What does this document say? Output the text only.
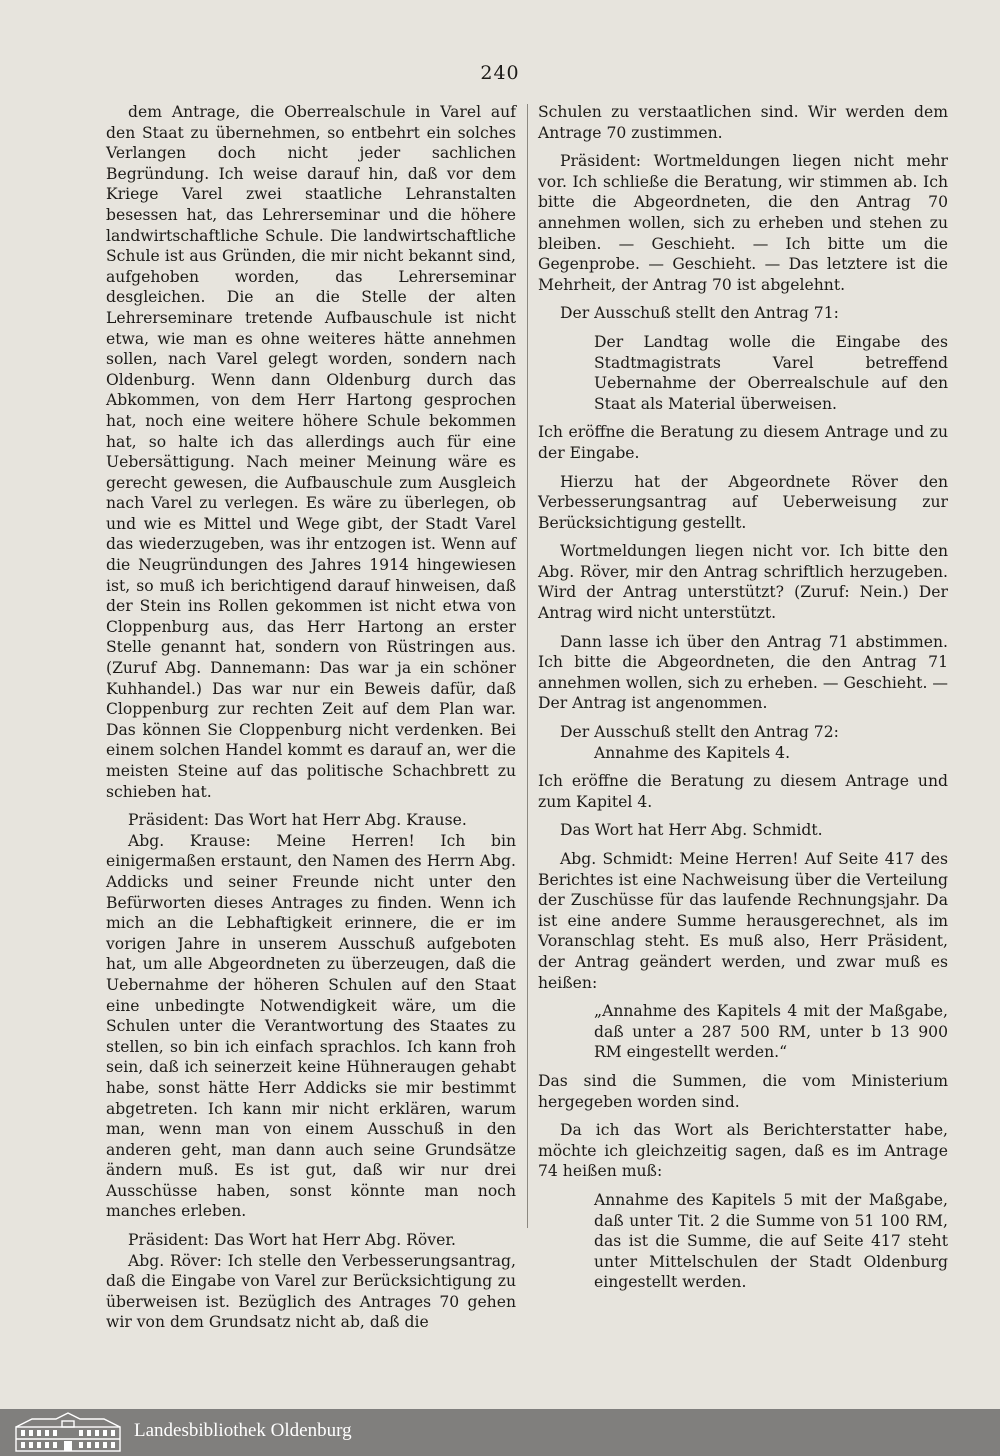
240

dem Antrage, die Oberrealschule in Varel auf den Staat zu übernehmen, so entbehrt ein solches Verlangen doch nicht jeder sachlichen Begründung. Ich weise darauf hin, daß vor dem Kriege Varel zwei staatliche Lehranstalten besessen hat, das Lehrerseminar und die höhere landwirtschaftliche Schule. Die landwirtschaftliche Schule ist aus Gründen, die mir nicht bekannt sind, aufgehoben worden, das Lehrerseminar desgleichen. Die an die Stelle der alten Lehrerseminare tretende Aufbauschule ist nicht etwa, wie man es ohne weiteres hätte annehmen sollen, nach Varel gelegt worden, sondern nach Oldenburg. Wenn dann Oldenburg durch das Abkommen, von dem Herr Hartong gesprochen hat, noch eine weitere höhere Schule bekommen hat, so halte ich das allerdings auch für eine Uebersättigung. Nach meiner Meinung wäre es gerecht gewesen, die Aufbauschule zum Ausgleich nach Varel zu verlegen. Es wäre zu überlegen, ob und wie es Mittel und Wege gibt, der Stadt Varel das wiederzugeben, was ihr entzogen ist. Wenn auf die Neugründungen des Jahres 1914 hingewiesen ist, so muß ich berichtigend darauf hinweisen, daß der Stein ins Rollen gekommen ist nicht etwa von Cloppenburg aus, das Herr Hartong an erster Stelle genannt hat, sondern von Rüstringen aus. (Zuruf Abg. Dannemann: Das war ja ein schöner Kuhhandel.) Das war nur ein Beweis dafür, daß Cloppenburg zur rechten Zeit auf dem Plan war. Das können Sie Cloppenburg nicht verdenken. Bei einem solchen Handel kommt es darauf an, wer die meisten Steine auf das politische Schachbrett zu schieben hat.

Präsident: Das Wort hat Herr Abg. Krause.

Abg. Krause: Meine Herren! Ich bin einigermaßen erstaunt, den Namen des Herrn Abg. Addicks und seiner Freunde nicht unter den Befürworten dieses Antrages zu finden. Wenn ich mich an die Lebhaftigkeit erinnere, die er im vorigen Jahre in unserem Ausschuß aufgeboten hat, um alle Abgeordneten zu überzeugen, daß die Uebernahme der höheren Schulen auf den Staat eine unbedingte Notwendigkeit wäre, um die Schulen unter die Verantwortung des Staates zu stellen, so bin ich einfach sprachlos. Ich kann froh sein, daß ich seinerzeit keine Hühneraugen gehabt habe, sonst hätte Herr Addicks sie mir bestimmt abgetreten. Ich kann mir nicht erklären, warum man, wenn man von einem Ausschuß in den anderen geht, man dann auch seine Grundsätze ändern muß. Es ist gut, daß wir nur drei Ausschüsse haben, sonst könnte man noch manches erleben.

Präsident: Das Wort hat Herr Abg. Röver.

Abg. Röver: Ich stelle den Verbesserungsantrag, daß die Eingabe von Varel zur Berücksichtigung zu überweisen ist. Bezüglich des Antrages 70 gehen wir von dem Grundsatz nicht ab, daß die

Schulen zu verstaatlichen sind. Wir werden dem Antrage 70 zustimmen.

Präsident: Wortmeldungen liegen nicht mehr vor. Ich schließe die Beratung, wir stimmen ab. Ich bitte die Abgeordneten, die den Antrag 70 annehmen wollen, sich zu erheben und stehen zu bleiben. — Geschieht. — Ich bitte um die Gegenprobe. — Geschieht. — Das letztere ist die Mehrheit, der Antrag 70 ist abgelehnt.

Der Ausschuß stellt den Antrag 71:

Der Landtag wolle die Eingabe des Stadtmagistrats Varel betreffend Uebernahme der Oberrealschule auf den Staat als Material überweisen.

Ich eröffne die Beratung zu diesem Antrage und zu der Eingabe.

Hierzu hat der Abgeordnete Röver den Verbesserungsantrag auf Ueberweisung zur Berücksichtigung gestellt.

Wortmeldungen liegen nicht vor. Ich bitte den Abg. Röver, mir den Antrag schriftlich herzugeben. Wird der Antrag unterstützt? (Zuruf: Nein.) Der Antrag wird nicht unterstützt.

Dann lasse ich über den Antrag 71 abstimmen. Ich bitte die Abgeordneten, die den Antrag 71 annehmen wollen, sich zu erheben. — Geschieht. — Der Antrag ist angenommen.

Der Ausschuß stellt den Antrag 72:

Annahme des Kapitels 4.

Ich eröffne die Beratung zu diesem Antrage und zum Kapitel 4.

Das Wort hat Herr Abg. Schmidt.

Abg. Schmidt: Meine Herren! Auf Seite 417 des Berichtes ist eine Nachweisung über die Verteilung der Zuschüsse für das laufende Rechnungsjahr. Da ist eine andere Summe herausgerechnet, als im Voranschlag steht. Es muß also, Herr Präsident, der Antrag geändert werden, und zwar muß es heißen:

„Annahme des Kapitels 4 mit der Maßgabe, daß unter a 287 500 RM, unter b 13 900 RM eingestellt werden.“

Das sind die Summen, die vom Ministerium hergegeben worden sind.

Da ich das Wort als Berichterstatter habe, möchte ich gleichzeitig sagen, daß es im Antrage 74 heißen muß:

Annahme des Kapitels 5 mit der Maßgabe, daß unter Tit. 2 die Summe von 51 100 RM, das ist die Summe, die auf Seite 417 steht unter Mittelschulen der Stadt Oldenburg eingestellt werden.

Landesbibliothek Oldenburg
